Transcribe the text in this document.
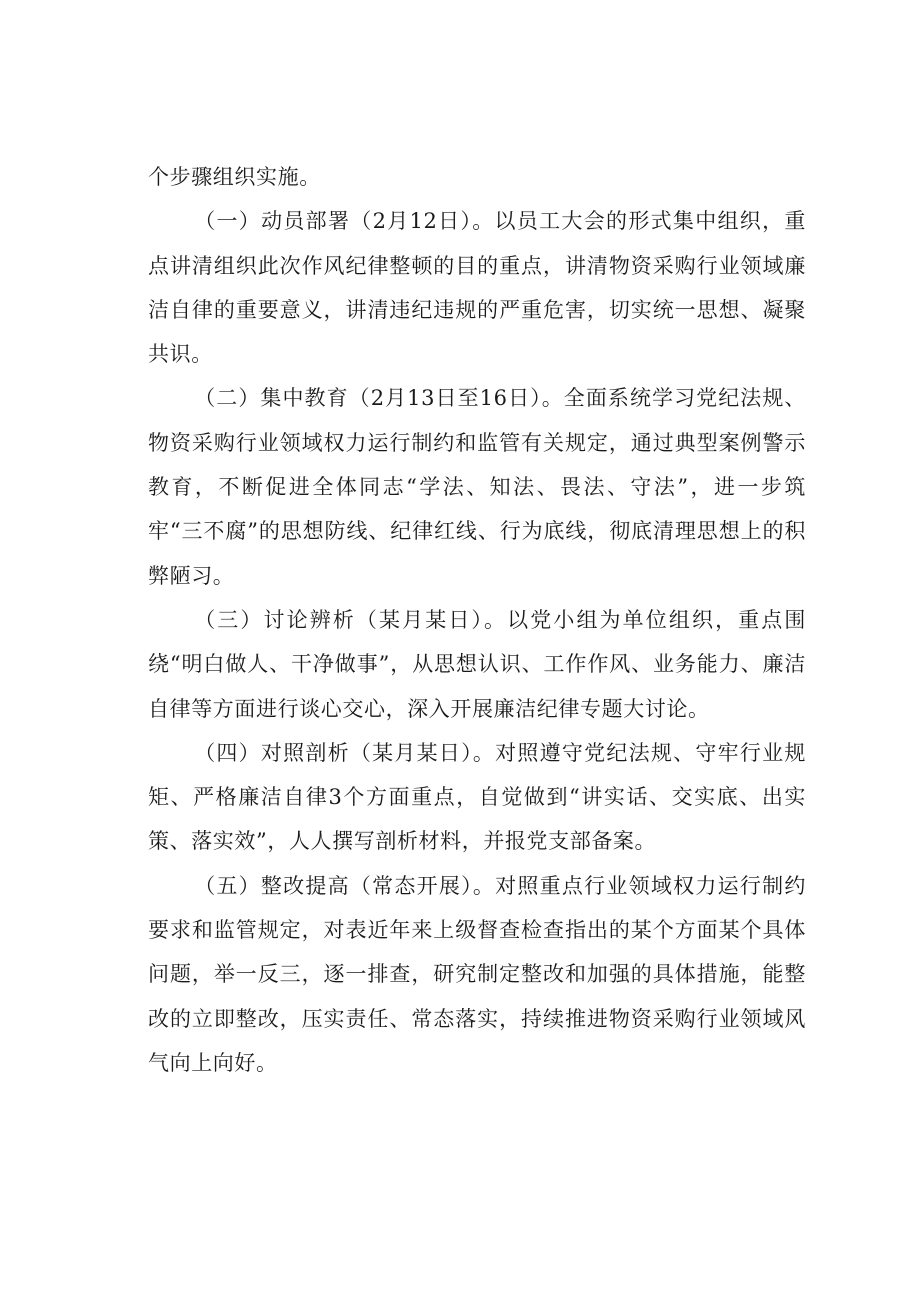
个步骤组织实施。

（一）动员部署（2月12日）。以员工大会的形式集中组织，重点讲清组织此次作风纪律整顿的目的重点，讲清物资采购行业领域廉洁自律的重要意义，讲清违纪违规的严重危害，切实统一思想、凝聚共识。

（二）集中教育（2月13日至16日）。全面系统学习党纪法规、物资采购行业领域权力运行制约和监管有关规定，通过典型案例警示教育，不断促进全体同志“学法、知法、畏法、守法”，进一步筑牢“三不腐”的思想防线、纪律红线、行为底线，彻底清理思想上的积弊陋习。

（三）讨论辨析（某月某日）。以党小组为单位组织，重点围绕“明白做人、干净做事”，从思想认识、工作作风、业务能力、廉洁自律等方面进行谈心交心，深入开展廉洁纪律专题大讨论。

（四）对照剖析（某月某日）。对照遵守党纪法规、守牢行业规矩、严格廉洁自律3个方面重点，自觉做到“讲实话、交实底、出实策、落实效”，人人撰写剖析材料，并报党支部备案。

（五）整改提高（常态开展）。对照重点行业领域权力运行制约要求和监管规定，对表近年来上级督查检查指出的某个方面某个具体问题，举一反三，逐一排查，研究制定整改和加强的具体措施，能整改的立即整改，压实责任、常态落实，持续推进物资采购行业领域风气向上向好。
